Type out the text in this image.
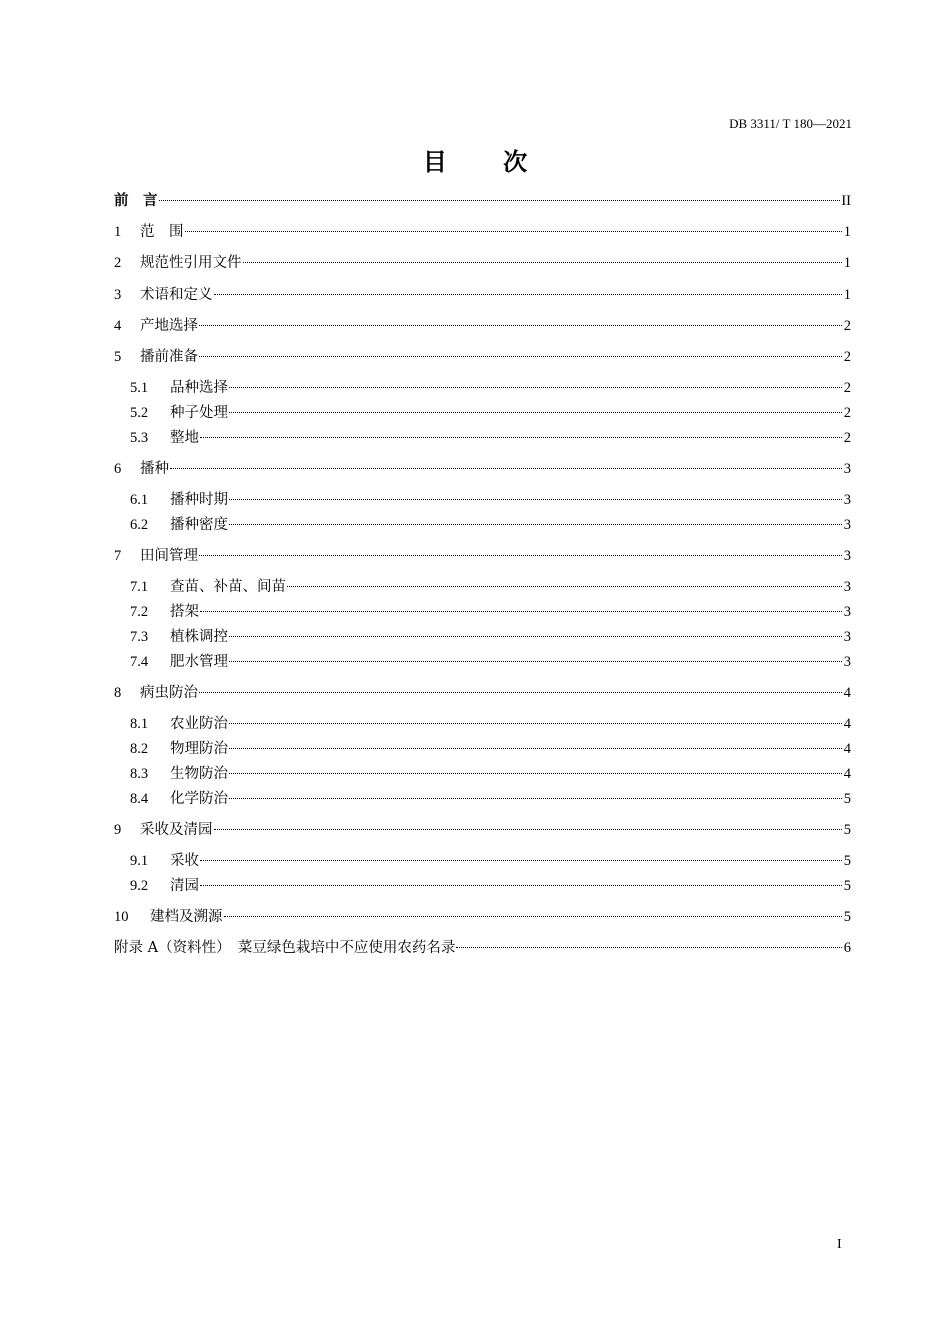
DB 3311/ T 180—2021
目 次
前　言	II
1	范　围	1
2	规范性引用文件	1
3	术语和定义	1
4	产地选择	2
5	播前准备	2
5.1	品种选择	2
5.2	种子处理	2
5.3	整地	2
6	播种	3
6.1	播种时期	3
6.2	播种密度	3
7	田间管理	3
7.1	查苗、补苗、间苗	3
7.2	搭架	3
7.3	植株调控	3
7.4	肥水管理	3
8	病虫防治	4
8.1	农业防治	4
8.2	物理防治	4
8.3	生物防治	4
8.4	化学防治	5
9	采收及清园	5
9.1	采收	5
9.2	清园	5
10	建档及溯源	5
附录 A（资料性）　菜豆绿色栽培中不应使用农药名录	6
I
